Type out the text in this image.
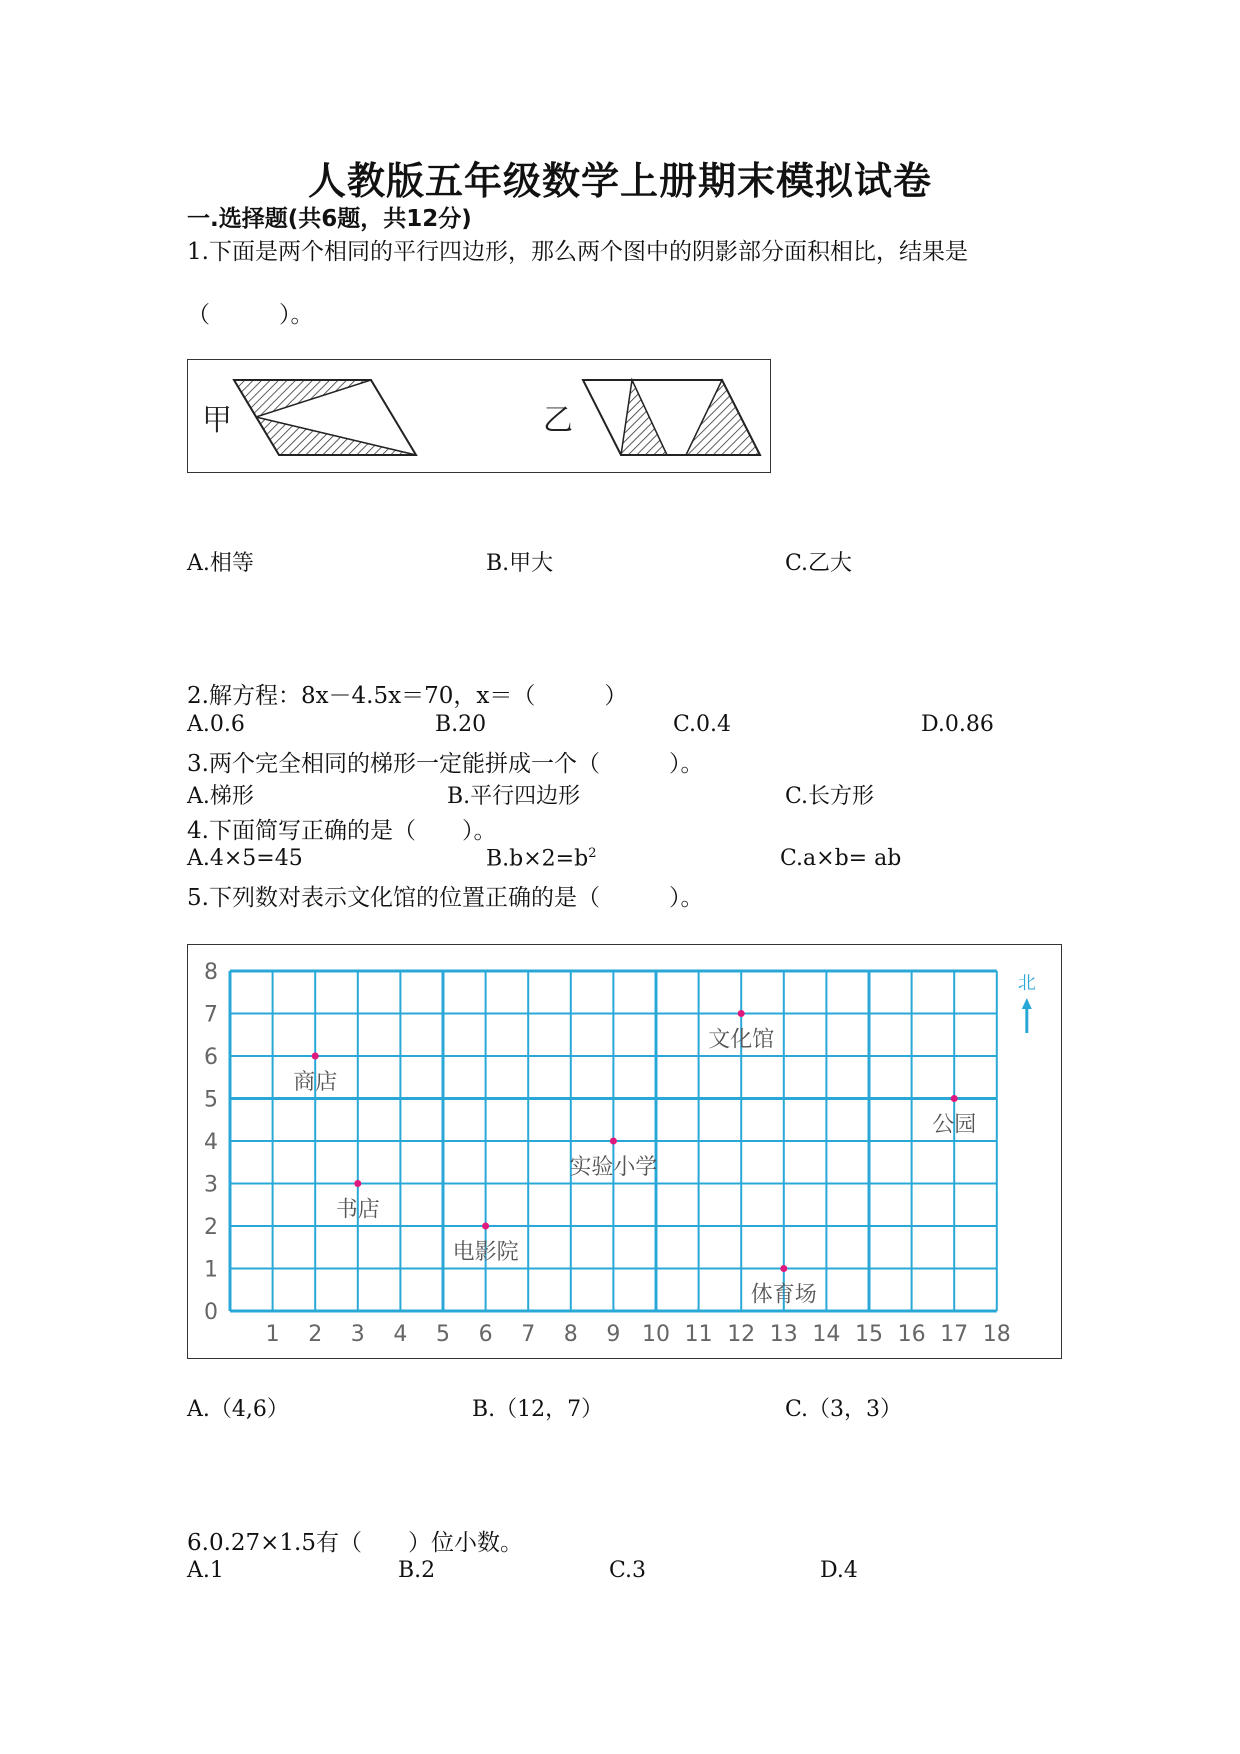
人教版五年级数学上册期末模拟试卷
一.选择题(共6题，共12分)
1.下面是两个相同的平行四边形，那么两个图中的阴影部分面积相比，结果是
（　　　）。
甲	乙
A.相等	B.甲大	C.乙大
2.解方程：8x－4.5x＝70，x＝（　　　）
A.0.6	B.20	C.0.4	D.0.86
3.两个完全相同的梯形一定能拼成一个（　　　）。
A.梯形	B.平行四边形	C.长方形
4.下面简写正确的是（　　）。
A.4×5=45	$B.b\times 2=b^2$	C.a×b= ab
5.下列数对表示文化馆的位置正确的是（　　　）。
1 2 3 4 5 6 7 8 9 10 11 12 13 14 15 16 17 18
0
1
2
3
4
5
6
7
8
商店
文化馆
公园
实验小学
书店
电影院
体育场
北
A.（4,6）	B.（12，7）	C.（3，3）
6.0.27×1.5有（　　）位小数。
A.1	B.2	C.3	D.4
